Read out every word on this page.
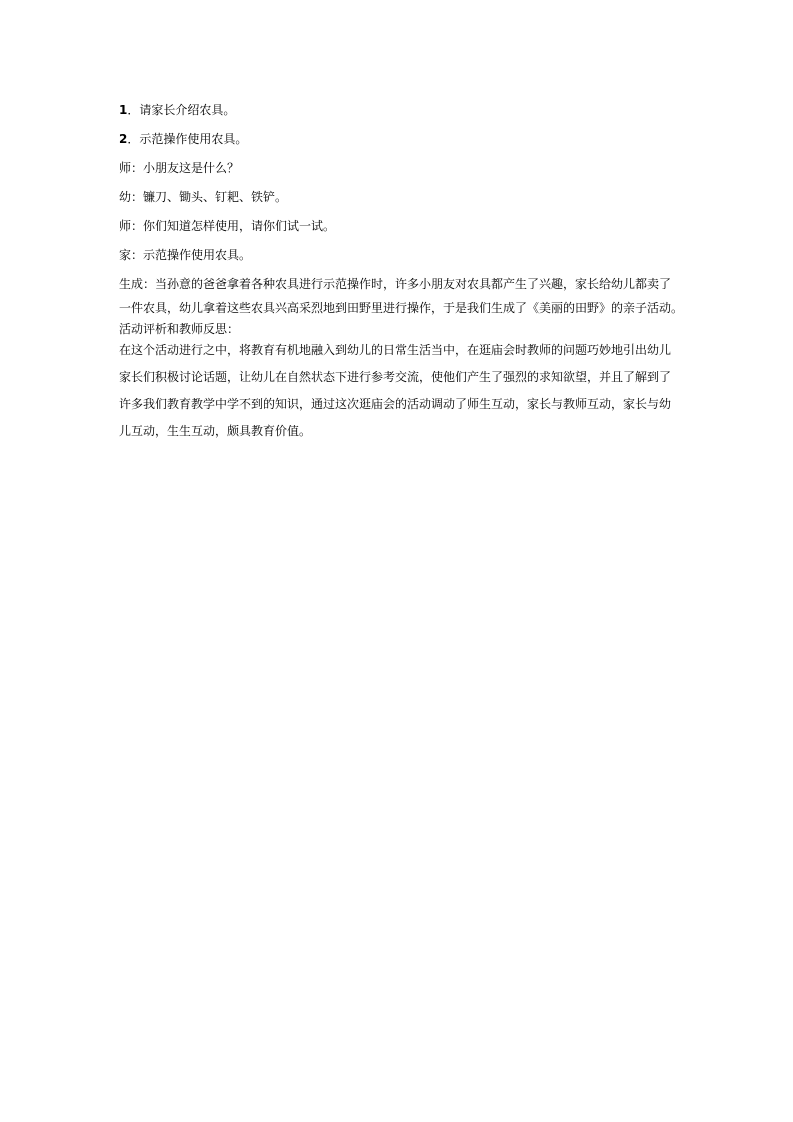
1．请家长介绍农具。
2．示范操作使用农具。
师：小朋友这是什么？
幼：镰刀、锄头、钉耙、铁铲。
师：你们知道怎样使用，请你们试一试。
家：示范操作使用农具。
生成：当孙意的爸爸拿着各种农具进行示范操作时，许多小朋友对农具都产生了兴趣，家长给幼儿都卖了
一件农具，幼儿拿着这些农具兴高采烈地到田野里进行操作，于是我们生成了《美丽的田野》的亲子活动。
活动评析和教师反思：
在这个活动进行之中，将教育有机地融入到幼儿的日常生活当中，在逛庙会时教师的问题巧妙地引出幼儿
家长们积极讨论话题，让幼儿在自然状态下进行参考交流，使他们产生了强烈的求知欲望，并且了解到了
许多我们教育教学中学不到的知识，通过这次逛庙会的活动调动了师生互动，家长与教师互动，家长与幼
儿互动，生生互动，颇具教育价值。
